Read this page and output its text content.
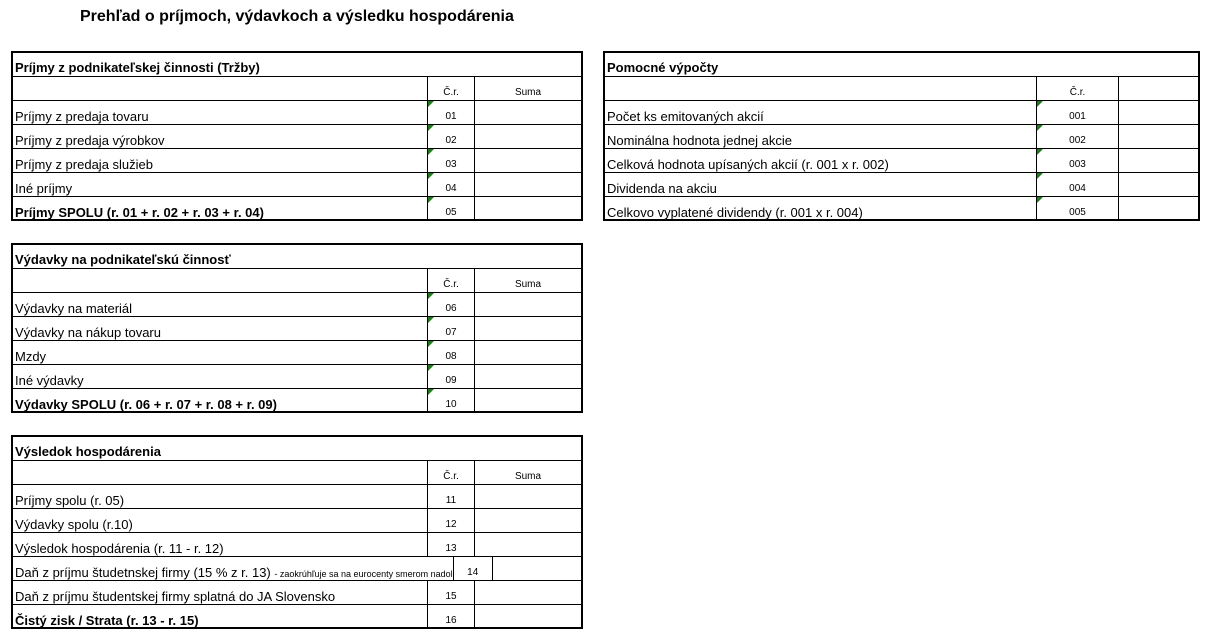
Prehľad o príjmoch, výdavkoch a výsledku hospodárenia
Príjmy z podnikateľskej činnosti (Tržby)
Č.r.	Suma
Príjmy z predaja tovaru	01
Príjmy z predaja výrobkov	02
Príjmy z predaja služieb	03
Iné príjmy	04
Príjmy SPOLU (r. 01 + r. 02 + r. 03 + r. 04)	05
Výdavky na podnikateľskú činnosť
Č.r.	Suma
Výdavky na materiál	06
Výdavky na nákup tovaru	07
Mzdy	08
Iné výdavky	09
Výdavky SPOLU (r. 06 + r. 07 + r. 08 + r. 09)	10
Výsledok hospodárenia
Č.r.	Suma
Príjmy spolu (r. 05)	11
Výdavky spolu (r.10)	12
Výsledok hospodárenia (r. 11 - r. 12)	13
Daň z príjmu študetnskej firmy (15 % z r. 13) - zaokrúhľuje sa na eurocenty smerom nadol	14
Daň z príjmu študentskej firmy splatná do JA Slovensko	15
Čistý zisk / Strata (r. 13 - r. 15)	16
Pomocné výpočty
Č.r.
Počet ks emitovaných akcií	001
Nominálna hodnota jednej akcie	002
Celková hodnota upísaných akcií (r. 001 x r. 002)	003
Dividenda na akciu	004
Celkovo vyplatené dividendy (r. 001 x r. 004)	005
